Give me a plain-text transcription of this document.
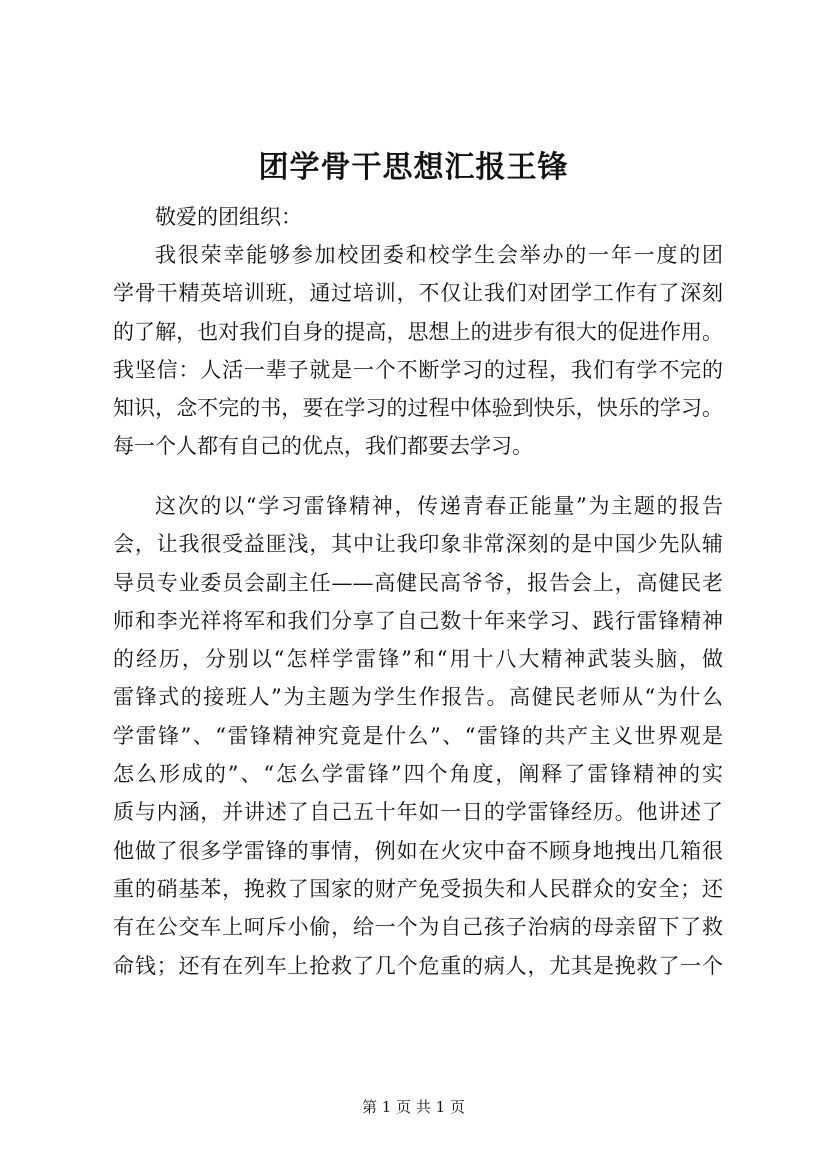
团学骨干思想汇报王锋
敬爱的团组织：
我很荣幸能够参加校团委和校学生会举办的一年一度的团
学骨干精英培训班，通过培训，不仅让我们对团学工作有了深刻
的了解，也对我们自身的提高，思想上的进步有很大的促进作用。
我坚信：人活一辈子就是一个不断学习的过程，我们有学不完的
知识，念不完的书，要在学习的过程中体验到快乐，快乐的学习。
每一个人都有自己的优点，我们都要去学习。
这次的以“学习雷锋精神，传递青春正能量”为主题的报告
会，让我很受益匪浅，其中让我印象非常深刻的是中国少先队辅
导员专业委员会副主任——高健民高爷爷，报告会上，高健民老
师和李光祥将军和我们分享了自己数十年来学习、践行雷锋精神
的经历，分别以“怎样学雷锋”和“用十八大精神武装头脑，做
雷锋式的接班人”为主题为学生作报告。高健民老师从“为什么
学雷锋”、“雷锋精神究竟是什么”、“雷锋的共产主义世界观是
怎么形成的”、“怎么学雷锋”四个角度，阐释了雷锋精神的实
质与内涵，并讲述了自己五十年如一日的学雷锋经历。他讲述了
他做了很多学雷锋的事情，例如在火灾中奋不顾身地拽出几箱很
重的硝基苯，挽救了国家的财产免受损失和人民群众的安全；还
有在公交车上呵斥小偷，给一个为自己孩子治病的母亲留下了救
命钱；还有在列车上抢救了几个危重的病人，尤其是挽救了一个
第 1 页 共 1 页
